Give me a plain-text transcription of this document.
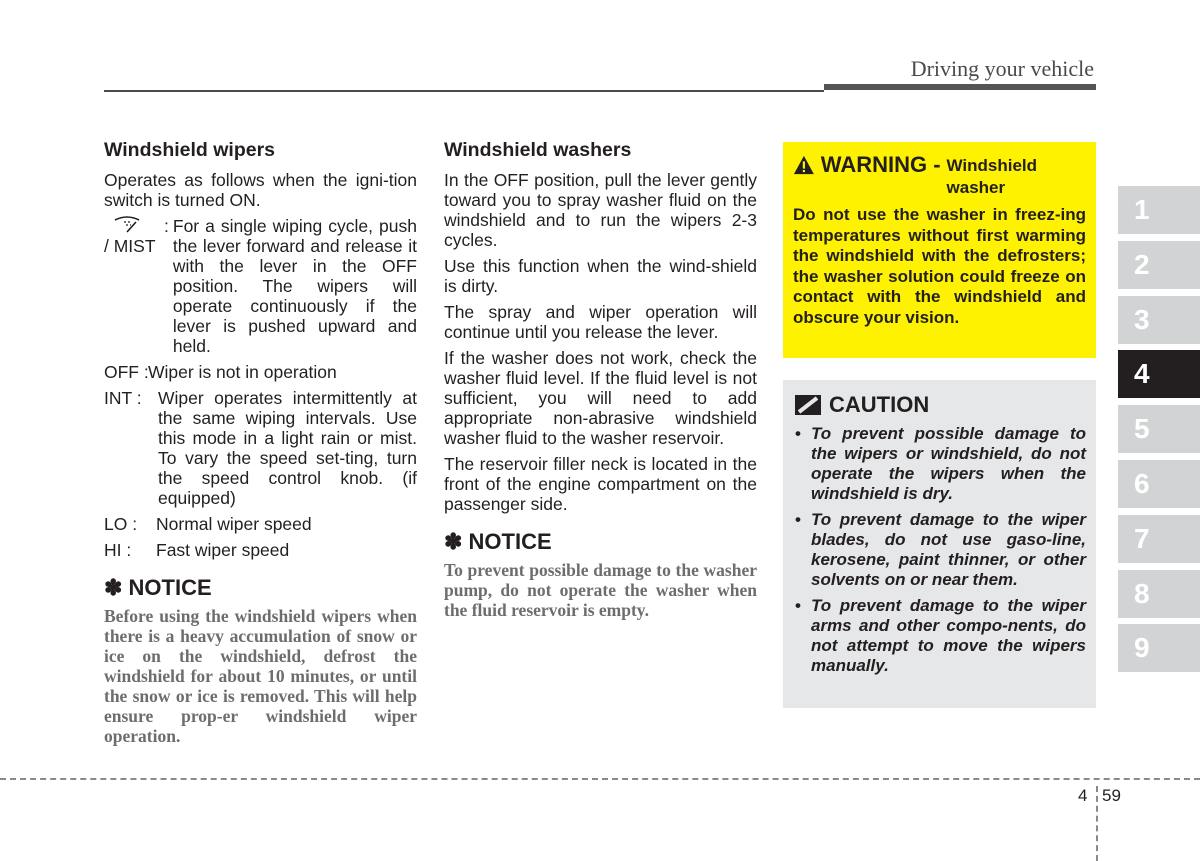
Driving your vehicle
Windshield wipers

Operates as follows when the igni-tion switch is turned ON.

/ MIST
: For a single wiping cycle, push the lever forward and release it with the lever in the OFF position. The wipers will operate continuously if the lever is pushed upward and held.
OFF : Wiper is not in operation
INT : Wiper operates intermittently at the same wiping intervals. Use this mode in a light rain or mist. To vary the speed set-ting, turn the speed control knob. (if equipped)
LO :	Normal wiper speed
HI :	Fast wiper speed
✽ NOTICE
Before using the windshield wipers when there is a heavy accumulation of snow or ice on the windshield, defrost the windshield for about 10 minutes, or until the snow or ice is removed. This will help ensure prop-er windshield wiper operation.
Windshield washers

In the OFF position, pull the lever gently toward you to spray washer fluid on the windshield and to run the wipers 2-3 cycles.

Use this function when the wind-shield is dirty.

The spray and wiper operation will continue until you release the lever.

If the washer does not work, check the washer fluid level. If the fluid level is not sufficient, you will need to add appropriate non-abrasive windshield washer fluid to the washer reservoir.

The reservoir filler neck is located in the front of the engine compartment on the passenger side.

✽ NOTICE
To prevent possible damage to the washer pump, do not operate the washer when the fluid reservoir is empty.
WARNING - Windshield washer
Do not use the washer in freez-ing temperatures without first warming the windshield with the defrosters; the washer solution could freeze on contact with the windshield and obscure your vision.
CAUTION
• To prevent possible damage to the wipers or windshield, do not operate the wipers when the windshield is dry.
• To prevent damage to the wiper blades, do not use gaso-line, kerosene, paint thinner, or other solvents on or near them.
• To prevent damage to the wiper arms and other compo-nents, do not attempt to move the wipers manually.
1
2
3
4
5
6
7
8
9
4 59
